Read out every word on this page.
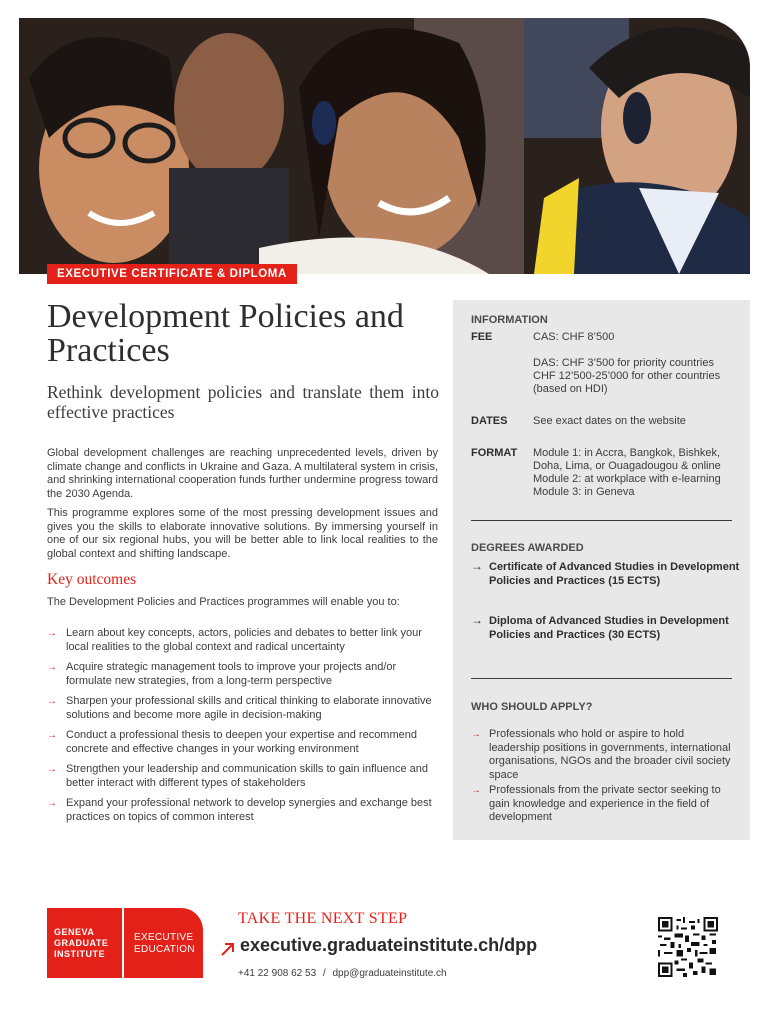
EXECUTIVE CERTIFICATE & DIPLOMA
Development Policies and Practices

Rethink development policies and translate them into effective practices

Global development challenges are reaching unprecedented levels, driven by climate change and conflicts in Ukraine and Gaza. A multilateral system in crisis, and shrinking international cooperation funds further undermine progress toward the 2030 Agenda.

This programme explores some of the most pressing development issues and gives you the skills to elaborate innovative solutions. By immersing yourself in one of our six regional hubs, you will be better able to link local realities to the global context and shifting landscape.

Key outcomes
The Development Policies and Practices programmes will enable you to:
→ Learn about key concepts, actors, policies and debates to better link your local realities to the global context and radical uncertainty
→ Acquire strategic management tools to improve your projects and/or formulate new strategies, from a long-term perspective
→ Sharpen your professional skills and critical thinking to elaborate innovative solutions and become more agile in decision-making
→ Conduct a professional thesis to deepen your expertise and recommend concrete and effective changes in your working environment
→ Strengthen your leadership and communication skills to gain influence and better interact with different types of stakeholders
→ Expand your professional network to develop synergies and exchange best practices on topics of common interest
INFORMATION
FEE	CAS: CHF 8’500
DAS: CHF 3’500 for priority countries CHF 12’500-25’000 for other countries (based on HDI)
DATES See exact dates on the website
FORMAT Module 1: in Accra, Bangkok, Bishkek, Doha, Lima, or Ouagadougou & online
Module 2: at workplace with e-learning
Module 3: in Geneva
DEGREES AWARDED
→ Certificate of Advanced Studies in Development Policies and Practices (15 ECTS)
→ Diploma of Advanced Studies in Development Policies and Practices (30 ECTS)
WHO SHOULD APPLY?
→ Professionals who hold or aspire to hold leadership positions in governments, international organisations, NGOs and the broader civil society space
→ Professionals from the private sector seeking to gain knowledge and experience in the field of development
GENEVA GRADUATE INSTITUTE
EXECUTIVE EDUCATION
TAKE THE NEXT STEP
executive.graduateinstitute.ch/dpp
+41 22 908 62 53 / dpp@graduateinstitute.ch
